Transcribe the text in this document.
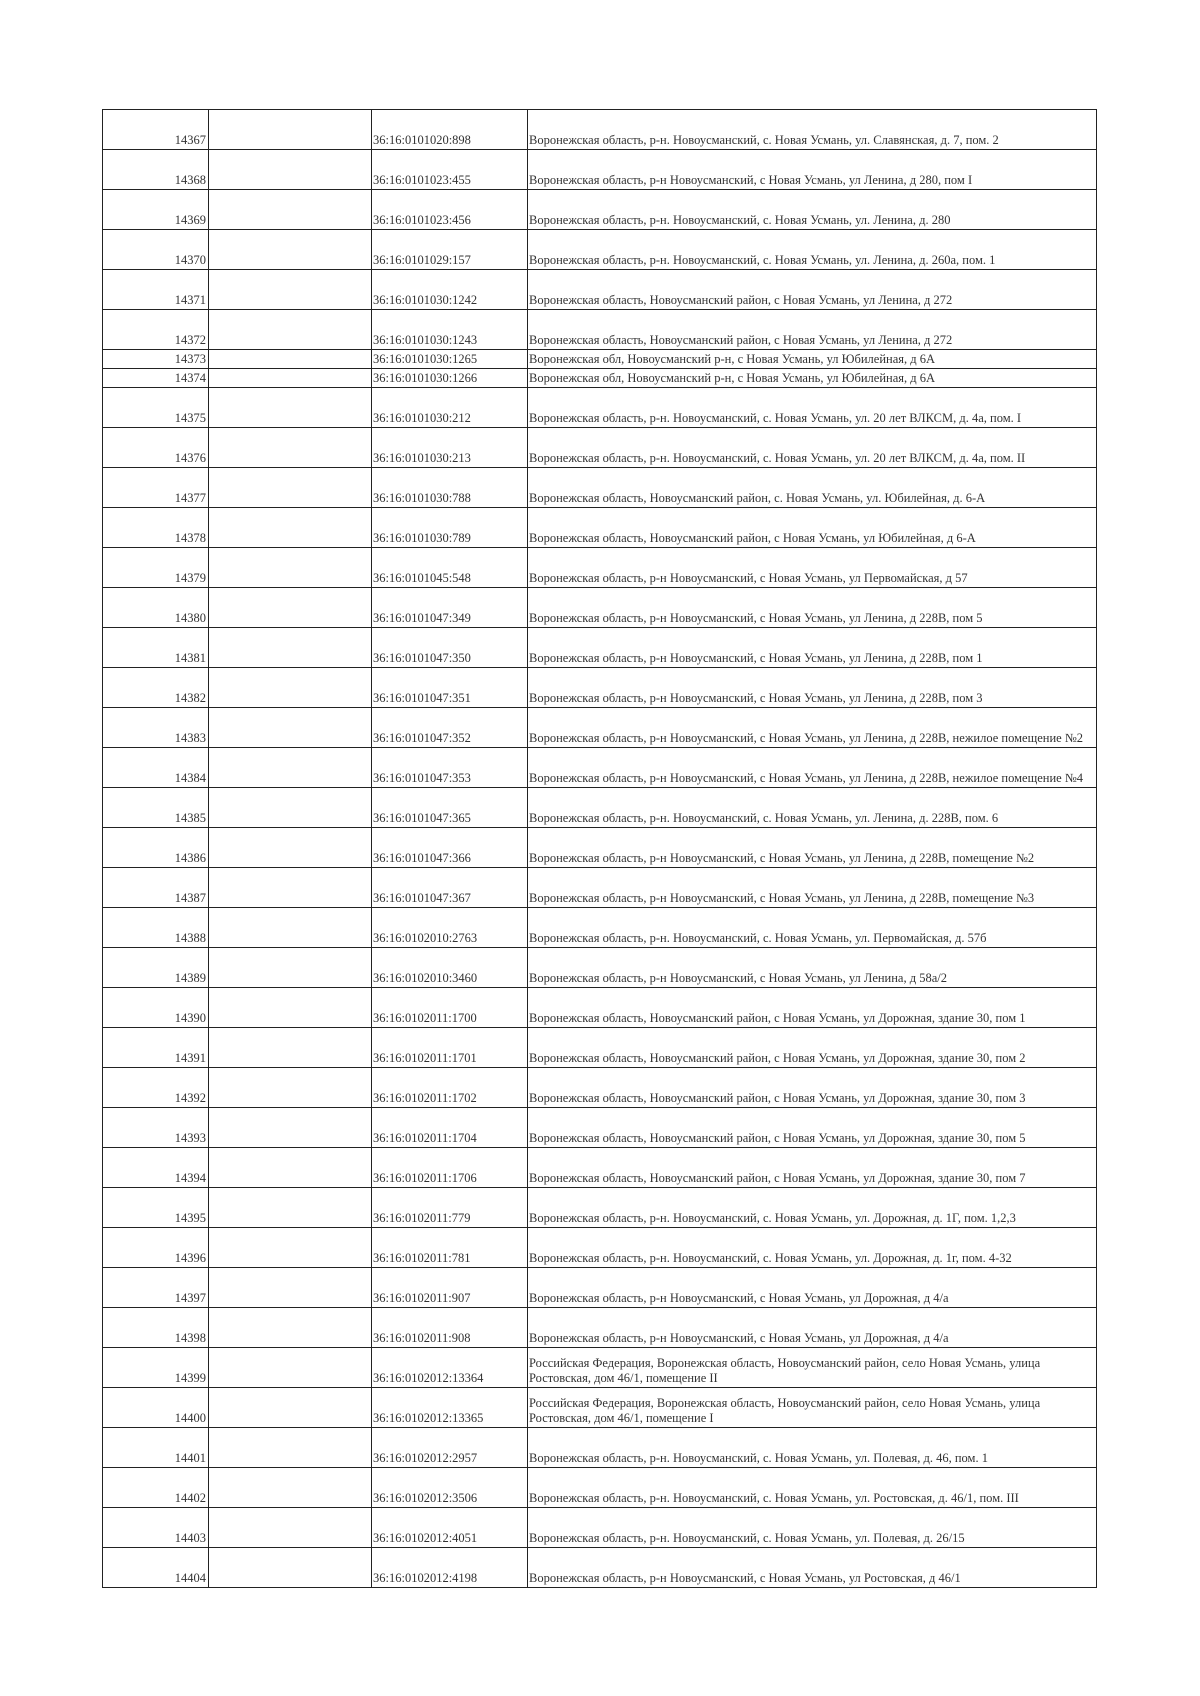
14367		36:16:0101020:898	Воронежская область, р-н. Новоусманский, с. Новая Усмань, ул. Славянская, д. 7, пом. 2
14368		36:16:0101023:455	Воронежская область, р-н Новоусманский, с Новая Усмань, ул Ленина, д 280, пом I
14369		36:16:0101023:456	Воронежская область, р-н. Новоусманский, с. Новая Усмань, ул. Ленина, д. 280
14370		36:16:0101029:157	Воронежская область, р-н. Новоусманский, с. Новая Усмань, ул. Ленина, д. 260а, пом. 1
14371		36:16:0101030:1242	Воронежская область, Новоусманский район, с Новая Усмань, ул Ленина, д 272
14372		36:16:0101030:1243	Воронежская область, Новоусманский район, с Новая Усмань, ул Ленина, д 272
14373		36:16:0101030:1265	Воронежская обл, Новоусманский р-н, с Новая Усмань, ул Юбилейная, д 6А
14374		36:16:0101030:1266	Воронежская обл, Новоусманский р-н, с Новая Усмань, ул Юбилейная, д 6А
14375		36:16:0101030:212	Воронежская область, р-н. Новоусманский, с. Новая Усмань, ул. 20 лет ВЛКСМ, д. 4а, пом. I
14376		36:16:0101030:213	Воронежская область, р-н. Новоусманский, с. Новая Усмань, ул. 20 лет ВЛКСМ, д. 4а, пом. II
14377		36:16:0101030:788	Воронежская область, Новоусманский район, с. Новая Усмань, ул. Юбилейная, д. 6-А
14378		36:16:0101030:789	Воронежская область, Новоусманский район, с Новая Усмань, ул Юбилейная, д 6-А
14379		36:16:0101045:548	Воронежская область, р-н Новоусманский, с Новая Усмань, ул Первомайская, д 57
14380		36:16:0101047:349	Воронежская область, р-н Новоусманский, с Новая Усмань, ул Ленина, д 228В, пом 5
14381		36:16:0101047:350	Воронежская область, р-н Новоусманский, с Новая Усмань, ул Ленина, д 228В, пом 1
14382		36:16:0101047:351	Воронежская область, р-н Новоусманский, с Новая Усмань, ул Ленина, д 228В, пом 3
14383		36:16:0101047:352	Воронежская область, р-н Новоусманский, с Новая Усмань, ул Ленина, д 228В, нежилое помещение №2
14384		36:16:0101047:353	Воронежская область, р-н Новоусманский, с Новая Усмань, ул Ленина, д 228В, нежилое помещение №4
14385		36:16:0101047:365	Воронежская область, р-н. Новоусманский, с. Новая Усмань, ул. Ленина, д. 228В, пом. 6
14386		36:16:0101047:366	Воронежская область, р-н Новоусманский, с Новая Усмань, ул Ленина, д 228В, помещение №2
14387		36:16:0101047:367	Воронежская область, р-н Новоусманский, с Новая Усмань, ул Ленина, д 228В, помещение №3
14388		36:16:0102010:2763	Воронежская область, р-н. Новоусманский, с. Новая Усмань, ул. Первомайская, д. 57б
14389		36:16:0102010:3460	Воронежская область, р-н Новоусманский, с Новая Усмань, ул Ленина, д 58а/2
14390		36:16:0102011:1700	Воронежская область, Новоусманский район, с Новая Усмань, ул Дорожная, здание 30, пом 1
14391		36:16:0102011:1701	Воронежская область, Новоусманский район, с Новая Усмань, ул Дорожная, здание 30, пом 2
14392		36:16:0102011:1702	Воронежская область, Новоусманский район, с Новая Усмань, ул Дорожная, здание 30, пом 3
14393		36:16:0102011:1704	Воронежская область, Новоусманский район, с Новая Усмань, ул Дорожная, здание 30, пом 5
14394		36:16:0102011:1706	Воронежская область, Новоусманский район, с Новая Усмань, ул Дорожная, здание 30, пом 7
14395		36:16:0102011:779	Воронежская область, р-н. Новоусманский, с. Новая Усмань, ул. Дорожная, д. 1Г, пом. 1,2,3
14396		36:16:0102011:781	Воронежская область, р-н. Новоусманский, с. Новая Усмань, ул. Дорожная, д. 1г, пом. 4-32
14397		36:16:0102011:907	Воронежская область, р-н Новоусманский, с Новая Усмань, ул Дорожная, д 4/а
14398		36:16:0102011:908	Воронежская область, р-н Новоусманский, с Новая Усмань, ул Дорожная, д 4/а
14399		36:16:0102012:13364	Российская Федерация, Воронежская область, Новоусманский район, село Новая Усмань, улица Ростовская, дом 46/1, помещение II
14400		36:16:0102012:13365	Российская Федерация, Воронежская область, Новоусманский район, село Новая Усмань, улица Ростовская, дом 46/1, помещение I
14401		36:16:0102012:2957	Воронежская область, р-н. Новоусманский, с. Новая Усмань, ул. Полевая, д. 46, пом. 1
14402		36:16:0102012:3506	Воронежская область, р-н. Новоусманский, с. Новая Усмань, ул. Ростовская, д. 46/1, пом. III
14403		36:16:0102012:4051	Воронежская область, р-н. Новоусманский, с. Новая Усмань, ул. Полевая, д. 26/15
14404		36:16:0102012:4198	Воронежская область, р-н Новоусманский, с Новая Усмань, ул Ростовская, д 46/1
